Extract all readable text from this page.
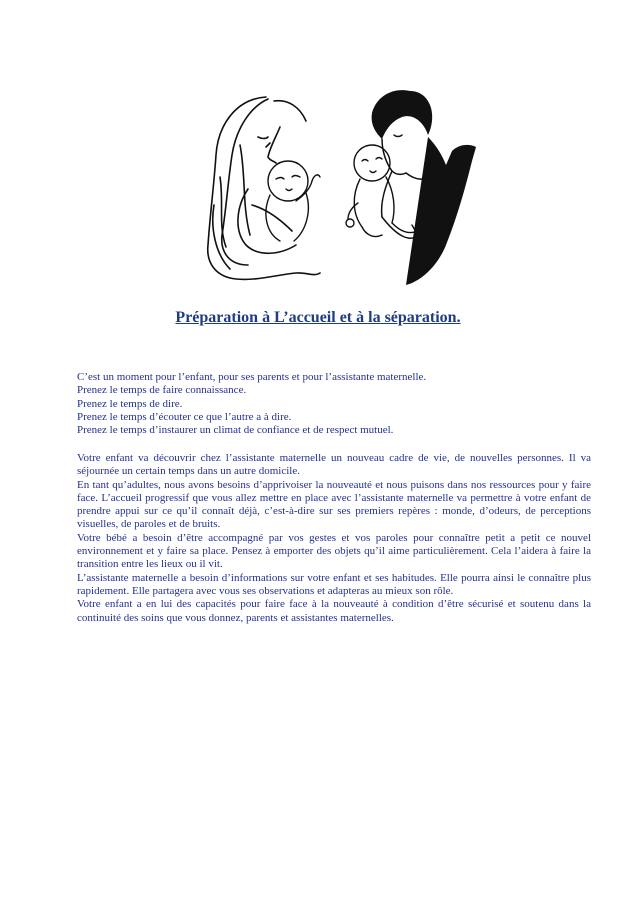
Préparation à L’accueil et à la séparation.

C’est un moment pour l’enfant, pour ses parents et pour l’assistante maternelle.

Prenez le temps de faire connaissance.

Prenez le temps de dire.

Prenez le temps d’écouter ce que l’autre a à dire.

Prenez le temps d’instaurer un climat de confiance et de respect mutuel.

Votre enfant va découvrir chez l’assistante maternelle un nouveau cadre de vie, de nouvelles personnes. Il va séjournée un certain temps dans un autre domicile.

En tant qu’adultes, nous avons besoins d’apprivoiser la nouveauté et nous puisons dans nos ressources pour y faire face. L’accueil progressif que vous allez mettre en place avec l’assistante maternelle va permettre à votre enfant de prendre appui sur ce qu’il connaît déjà, c’est-à-dire sur ses premiers repères : monde, d’odeurs, de perceptions visuelles, de paroles et de bruits.

Votre bébé a besoin d’être accompagné par vos gestes et vos paroles pour connaître petit a petit ce nouvel environnement et y faire sa place. Pensez à emporter des objets qu’il aime particulièrement. Cela l’aidera à faire la transition entre les lieux ou il vit.

L’assistante maternelle a besoin d’informations sur votre enfant et ses habitudes. Elle pourra ainsi le connaître plus rapidement. Elle partagera avec vous ses observations et adapteras au mieux son rôle.

Votre enfant a en lui des capacités pour faire face à la nouveauté à condition d’être sécurisé et soutenu dans la continuité des soins que vous donnez, parents et assistantes maternelles.
